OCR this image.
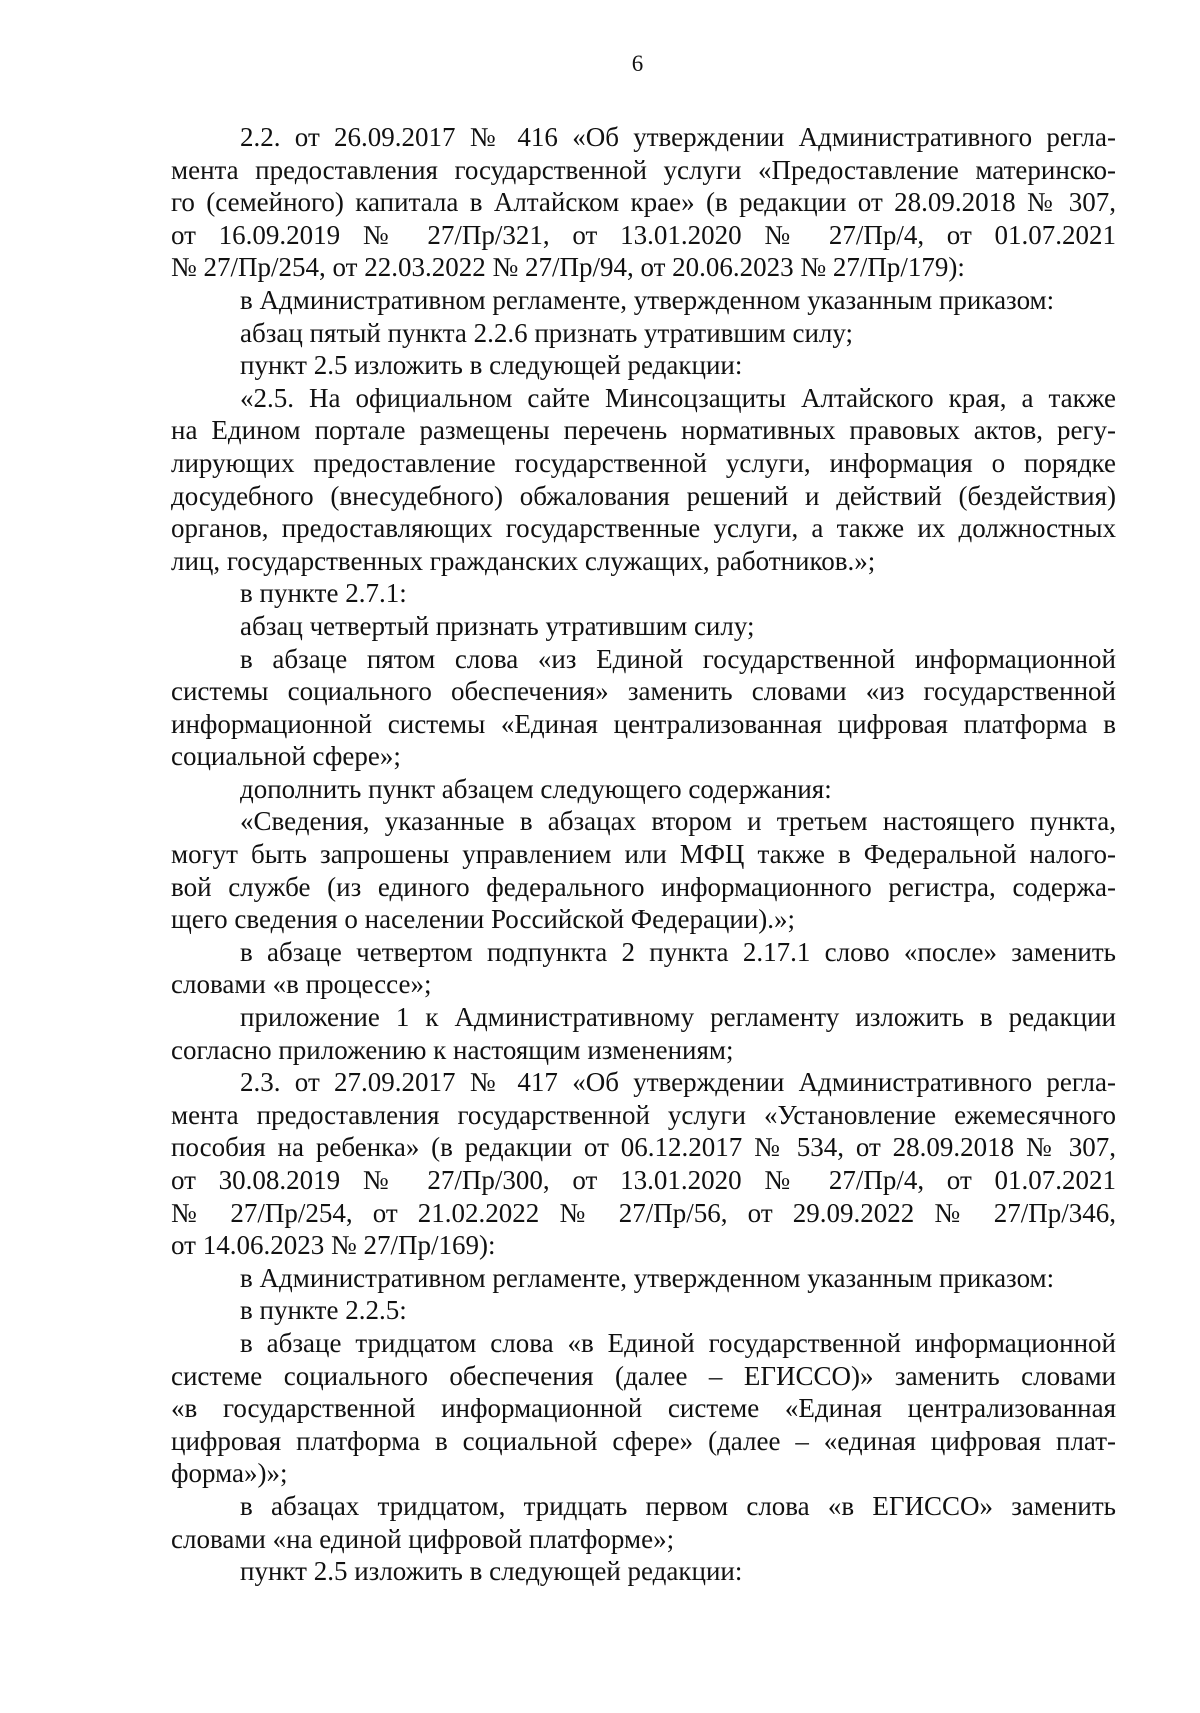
6
2.2. от 26.09.2017 № 416 «Об утверждении Административного регла-
мента предоставления государственной услуги «Предоставление материнско-
го (семейного) капитала в Алтайском крае» (в редакции от 28.09.2018 № 307,
от 16.09.2019 № 27/Пр/321, от 13.01.2020 № 27/Пр/4, от 01.07.2021
№ 27/Пр/254, от 22.03.2022 № 27/Пр/94, от 20.06.2023 № 27/Пр/179):
в Административном регламенте, утвержденном указанным приказом:
абзац пятый пункта 2.2.6 признать утратившим силу;
пункт 2.5 изложить в следующей редакции:
«2.5. На официальном сайте Минсоцзащиты Алтайского края, а также
на Едином портале размещены перечень нормативных правовых актов, регу-
лирующих предоставление государственной услуги, информация о порядке
досудебного (внесудебного) обжалования решений и действий (бездействия)
органов, предоставляющих государственные услуги, а также их должностных
лиц, государственных гражданских служащих, работников.»;
в пункте 2.7.1:
абзац четвертый признать утратившим силу;
в абзаце пятом слова «из Единой государственной информационной
системы социального обеспечения» заменить словами «из государственной
информационной системы «Единая централизованная цифровая платформа в
социальной сфере»;
дополнить пункт абзацем следующего содержания:
«Сведения, указанные в абзацах втором и третьем настоящего пункта,
могут быть запрошены управлением или МФЦ также в Федеральной налого-
вой службе (из единого федерального информационного регистра, содержа-
щего сведения о населении Российской Федерации).»;
в абзаце четвертом подпункта 2 пункта 2.17.1 слово «после» заменить
словами «в процессе»;
приложение 1 к Административному регламенту изложить в редакции
согласно приложению к настоящим изменениям;
2.3. от 27.09.2017 № 417 «Об утверждении Административного регла-
мента предоставления государственной услуги «Установление ежемесячного
пособия на ребенка» (в редакции от 06.12.2017 № 534, от 28.09.2018 № 307,
от 30.08.2019 № 27/Пр/300, от 13.01.2020 № 27/Пр/4, от 01.07.2021
№ 27/Пр/254, от 21.02.2022 № 27/Пр/56, от 29.09.2022 № 27/Пр/346,
от 14.06.2023 № 27/Пр/169):
в Административном регламенте, утвержденном указанным приказом:
в пункте 2.2.5:
в абзаце тридцатом слова «в Единой государственной информационной
системе социального обеспечения (далее – ЕГИССО)» заменить словами
«в государственной информационной системе «Единая централизованная
цифровая платформа в социальной сфере» (далее – «единая цифровая плат-
форма»)»;
в абзацах тридцатом, тридцать первом слова «в ЕГИССО» заменить
словами «на единой цифровой платформе»;
пункт 2.5 изложить в следующей редакции:
